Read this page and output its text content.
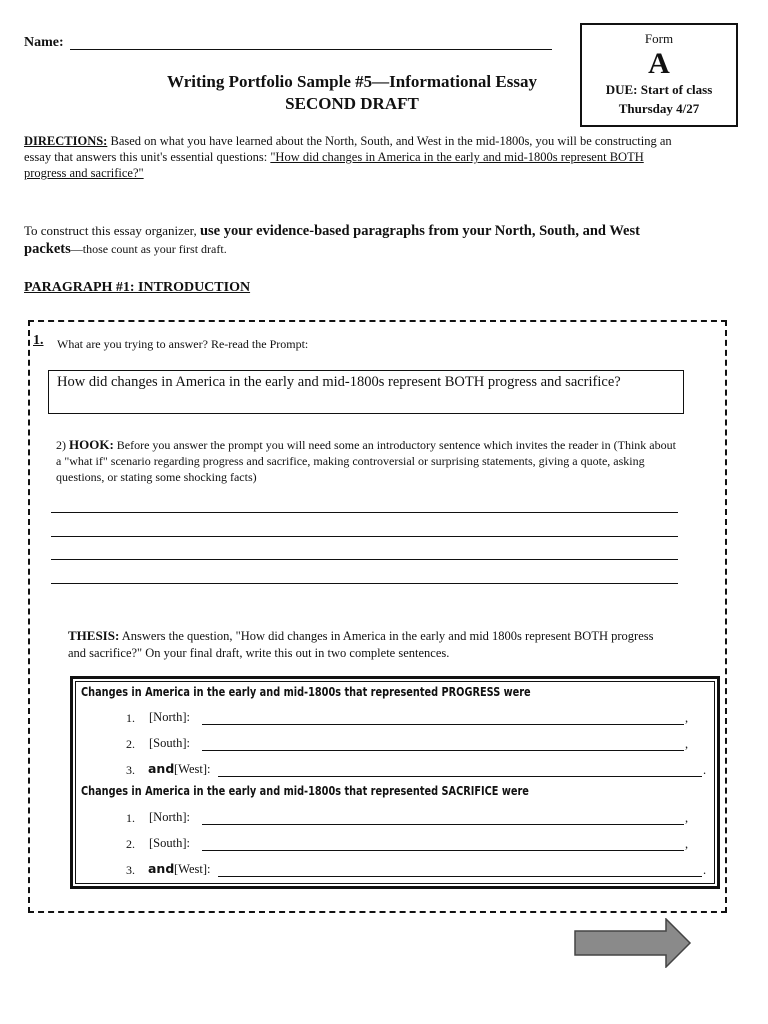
Name:
Writing Portfolio Sample #5—Informational Essay
SECOND DRAFT
Form
A
DUE: Start of class
Thursday 4/27
DIRECTIONS: Based on what you have learned about the North, South, and West in the mid-1800s, you will be constructing an essay that answers this unit's essential questions: "How did changes in America in the early and mid-1800s represent BOTH progress and sacrifice?"
To construct this essay organizer, use your evidence-based paragraphs from your North, South, and West packets—those count as your first draft.
PARAGRAPH #1: INTRODUCTION
1. What are you trying to answer? Re-read the Prompt:
How did changes in America in the early and mid-1800s represent BOTH progress and sacrifice?
2) HOOK: Before you answer the prompt you will need some an introductory sentence which invites the reader in (Think about a "what if" scenario regarding progress and sacrifice, making controversial or surprising statements, giving a quote, asking questions, or stating some shocking facts)
THESIS: Answers the question, "How did changes in America in the early and mid 1800s represent BOTH progress and sacrifice?" On your final draft, write this out in two complete sentences.
Changes in America in the early and mid-1800s that represented PROGRESS were
1. [North]:	,
2. [South]:	,
3. and [West]:	.
Changes in America in the early and mid-1800s that represented SACRIFICE were
1. [North]:	,
2. [South]:	,
3. and [West]:	.
